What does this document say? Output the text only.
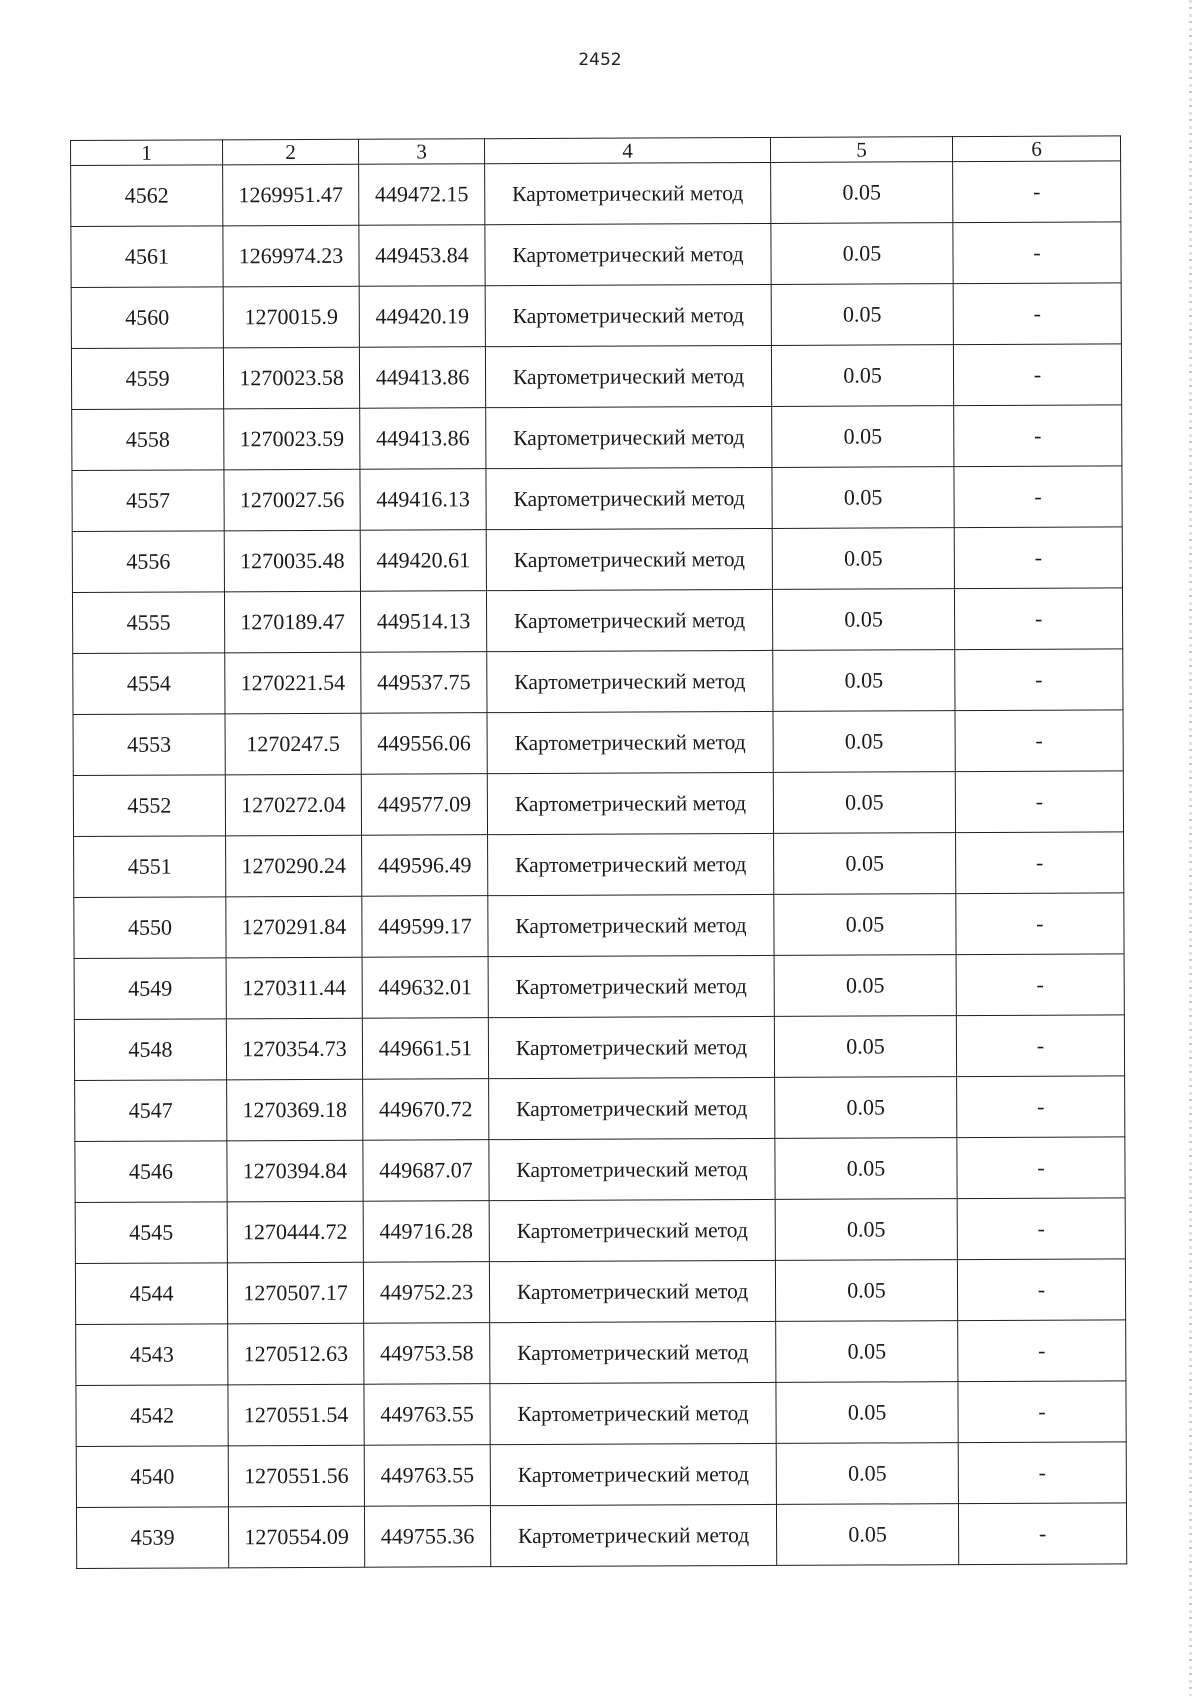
2452
1	2	3	4	5	6
4562	1269951.47	449472.15	Картометрический метод	0.05	-
4561	1269974.23	449453.84	Картометрический метод	0.05	-
4560	1270015.9	449420.19	Картометрический метод	0.05	-
4559	1270023.58	449413.86	Картометрический метод	0.05	-
4558	1270023.59	449413.86	Картометрический метод	0.05	-
4557	1270027.56	449416.13	Картометрический метод	0.05	-
4556	1270035.48	449420.61	Картометрический метод	0.05	-
4555	1270189.47	449514.13	Картометрический метод	0.05	-
4554	1270221.54	449537.75	Картометрический метод	0.05	-
4553	1270247.5	449556.06	Картометрический метод	0.05	-
4552	1270272.04	449577.09	Картометрический метод	0.05	-
4551	1270290.24	449596.49	Картометрический метод	0.05	-
4550	1270291.84	449599.17	Картометрический метод	0.05	-
4549	1270311.44	449632.01	Картометрический метод	0.05	-
4548	1270354.73	449661.51	Картометрический метод	0.05	-
4547	1270369.18	449670.72	Картометрический метод	0.05	-
4546	1270394.84	449687.07	Картометрический метод	0.05	-
4545	1270444.72	449716.28	Картометрический метод	0.05	-
4544	1270507.17	449752.23	Картометрический метод	0.05	-
4543	1270512.63	449753.58	Картометрический метод	0.05	-
4542	1270551.54	449763.55	Картометрический метод	0.05	-
4540	1270551.56	449763.55	Картометрический метод	0.05	-
4539	1270554.09	449755.36	Картометрический метод	0.05	-
